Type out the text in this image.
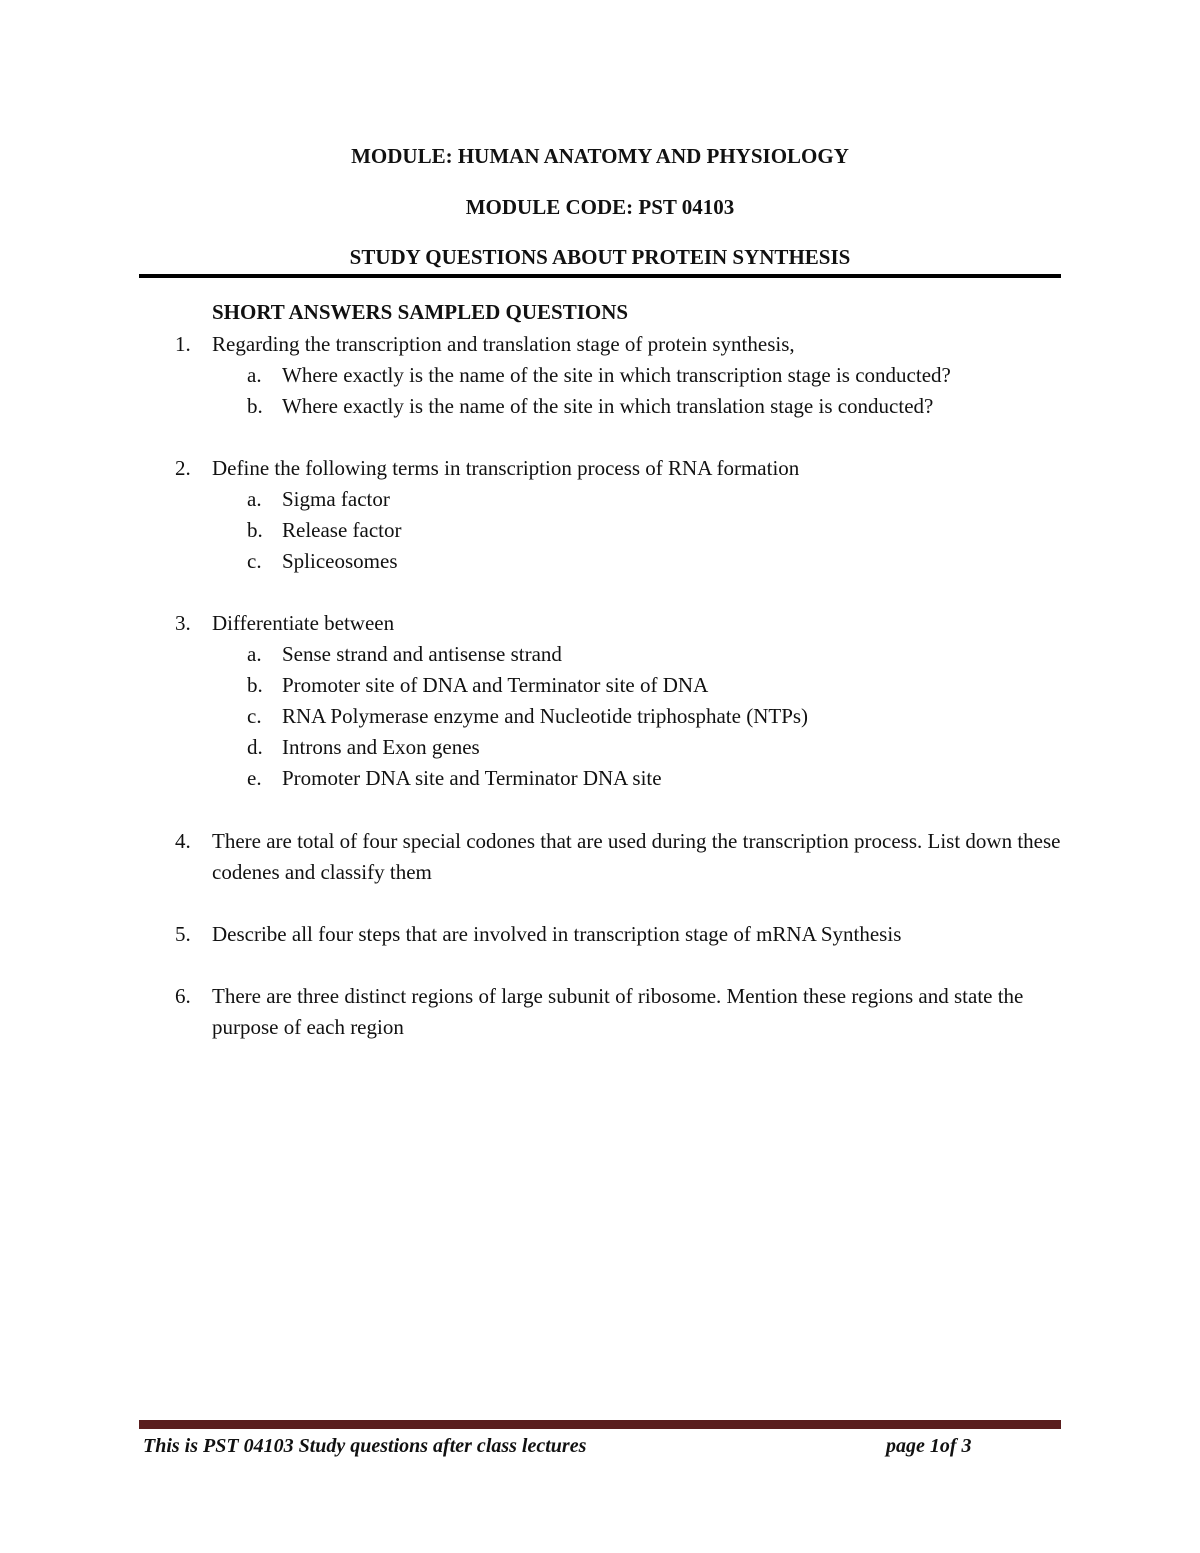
MODULE: HUMAN ANATOMY AND PHYSIOLOGY
MODULE CODE: PST 04103
STUDY QUESTIONS ABOUT PROTEIN SYNTHESIS
SHORT ANSWERS SAMPLED QUESTIONS
1.	Regarding the transcription and translation stage of protein synthesis,
a. Where exactly is the name of the site in which transcription stage is conducted?
b. Where exactly is the name of the site in which translation stage is conducted?
2.	Define the following terms in transcription process of RNA formation
a. Sigma factor
b. Release factor
c. Spliceosomes
3.	Differentiate between
a. Sense strand and antisense strand
b. Promoter site of DNA and Terminator site of DNA
c. RNA Polymerase enzyme and Nucleotide triphosphate (NTPs)
d. Introns and Exon genes
e. Promoter DNA site and Terminator DNA site
4.	There are total of four special codones that are used during the transcription process. List down these codenes and classify them
5.	Describe all four steps that are involved in transcription stage of mRNA Synthesis
6.	There are three distinct regions of large subunit of ribosome. Mention these regions and state the purpose of each region
This is PST 04103 Study questions after class lectures	page 1of 3
